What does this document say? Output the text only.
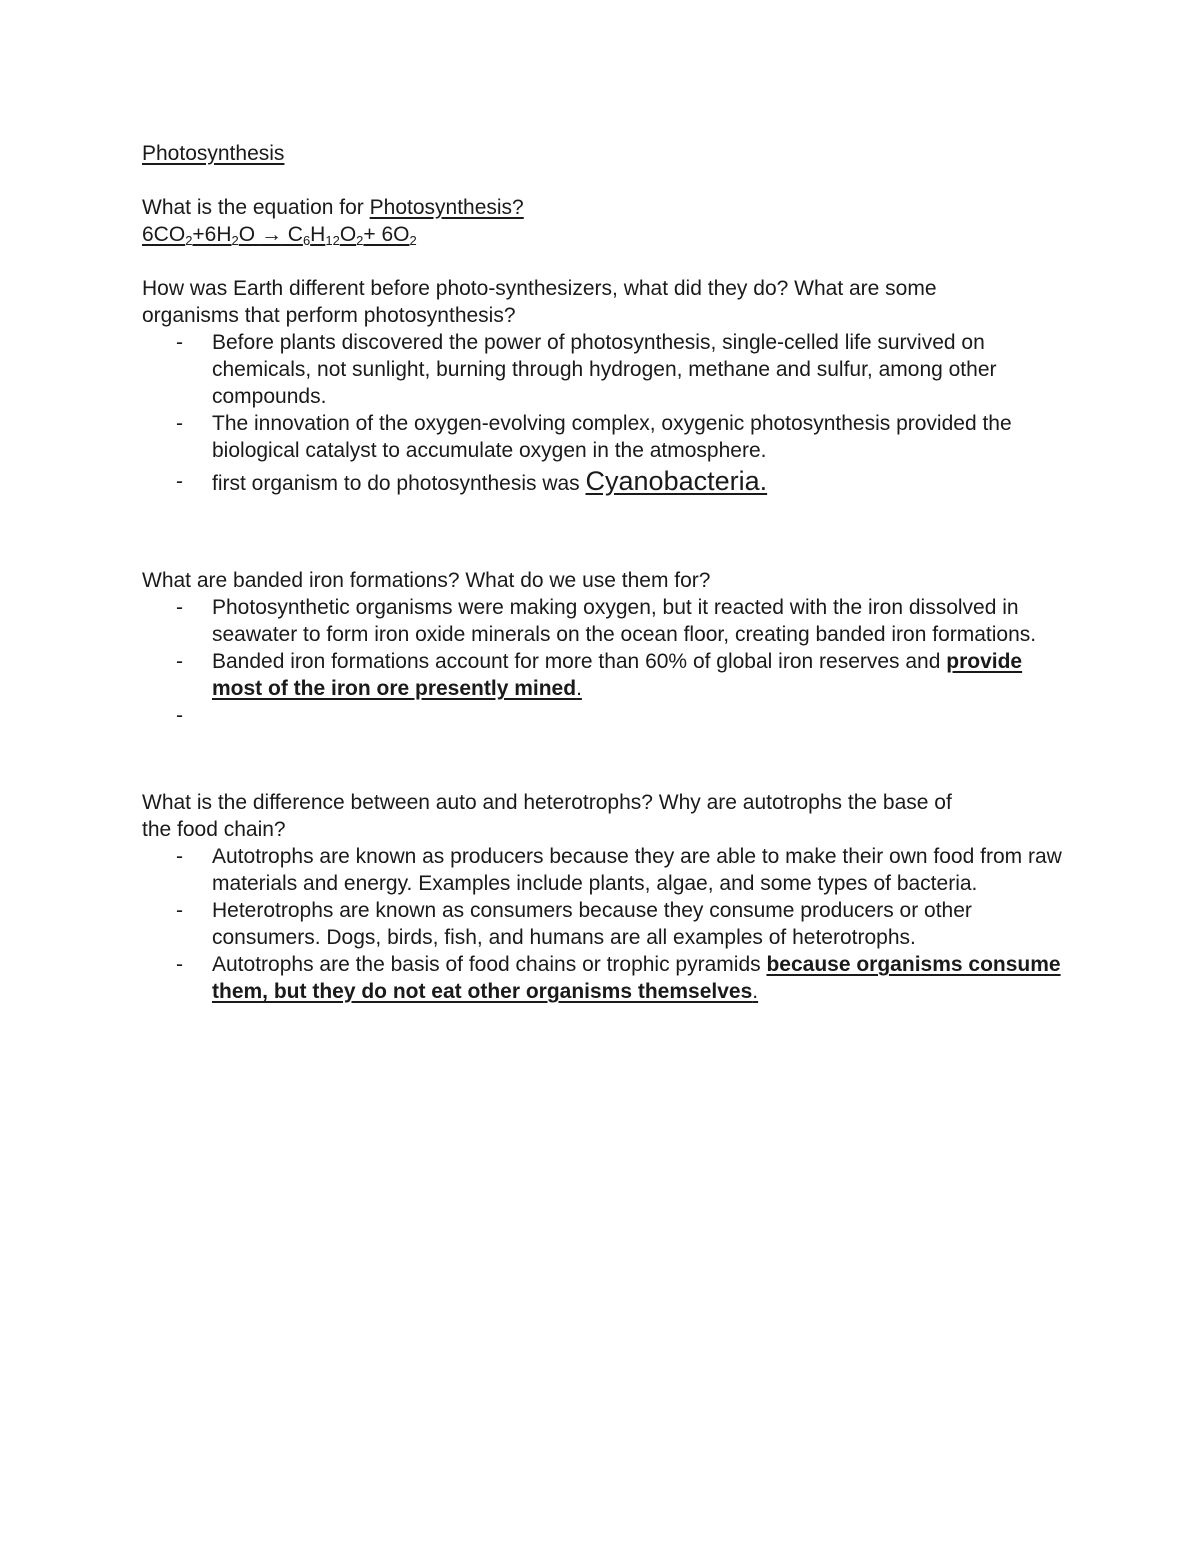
Photosynthesis
What is the equation for Photosynthesis?
$6CO_2+6H_2O \to C_6H_{12}O_2+ 6O_2$
How was Earth different before photo-synthesizers, what did they do? What are some
organisms that perform photosynthesis?
- Before plants discovered the power of photosynthesis, single-celled life survived on chemicals, not sunlight, burning through hydrogen, methane and sulfur, among other compounds.
- The innovation of the oxygen-evolving complex, oxygenic photosynthesis provided the biological catalyst to accumulate oxygen in the atmosphere.
- first organism to do photosynthesis was Cyanobacteria.
What are banded iron formations? What do we use them for?
- Photosynthetic organisms were making oxygen, but it reacted with the iron dissolved in seawater to form iron oxide minerals on the ocean floor, creating banded iron formations.
- Banded iron formations account for more than 60% of global iron reserves and provide most of the iron ore presently mined.
-

What is the difference between auto and heterotrophs? Why are autotrophs the base of
the food chain?
- Autotrophs are known as producers because they are able to make their own food from raw materials and energy. Examples include plants, algae, and some types of bacteria.
- Heterotrophs are known as consumers because they consume producers or other consumers. Dogs, birds, fish, and humans are all examples of heterotrophs.
- Autotrophs are the basis of food chains or trophic pyramids because organisms consume them, but they do not eat other organisms themselves.
